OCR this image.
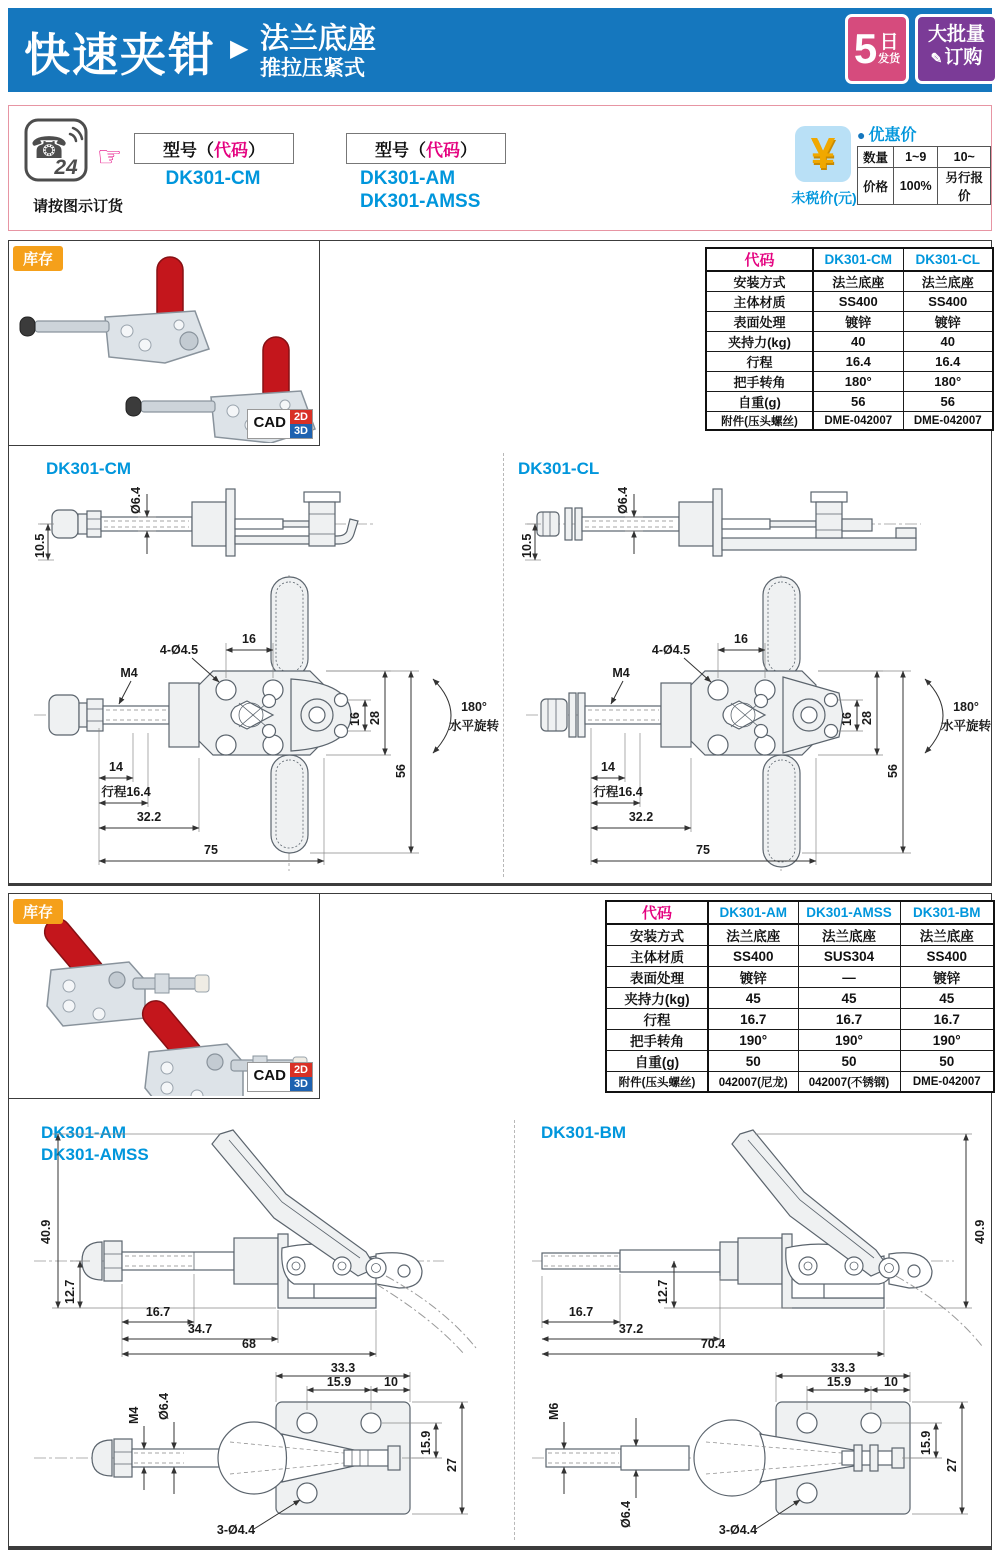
快速夹钳 ▶ 法兰底座
推拉压紧式	5 日
发货
大批量
✎ 订购
☎
24
请按图示订货
☞ 型号（ 代码 ）
DK301-CM
型号（ 代码 ）
DK301-AM
DK301-AMSS
¥
未税价(元)
● 优惠价
数量	1~9	10~
价格	100%	另行报价
库存
CAD 2D
3D
代码	DK301-CM	DK301-CL
安装方式	法兰底座	法兰底座
主体材质	SS400	SS400
表面处理	镀锌	镀锌
夹持力(kg)	40	40
行程	16.4	16.4
把手转角	180°	180°
自重(g)	56	56
附件(压头螺丝)	DME-042007	DME-042007
DK301-CM	DK301-CL
Ø6.4
10.5
Ø6.4
10.5
16
4-Ø4.5
M4
14
行程16.4
32.2
75
16 28
56
180°
水平旋转
16
4-Ø4.5
M4
14
行程16.4
32.2
75
16 28
56
180°
水平旋转
库存
CAD 2D
3D
代码	DK301-AM	DK301-AMSS	DK301-BM
安装方式	法兰底座	法兰底座	法兰底座
主体材质	SS400	SUS304	SS400
表面处理	镀锌	—	镀锌
夹持力(kg)	45	45	45
行程	16.7	16.7	16.7
把手转角	190°	190°	190°
自重(g)	50	50	50
附件(压头螺丝)	042007(尼龙)	042007(不锈钢)	DME-042007
DK301-AM
DK301-AMSS
DK301-BM
40.9
12.7
16.7
34.7
68
40.9
12.7
16.7
37.2
70.4
M4 Ø6.4
33.3
15.9	10
15.9
27
3-Ø4.4
M6
Ø6.4
33.3
15.9	10
15.9
27
3-Ø4.4
